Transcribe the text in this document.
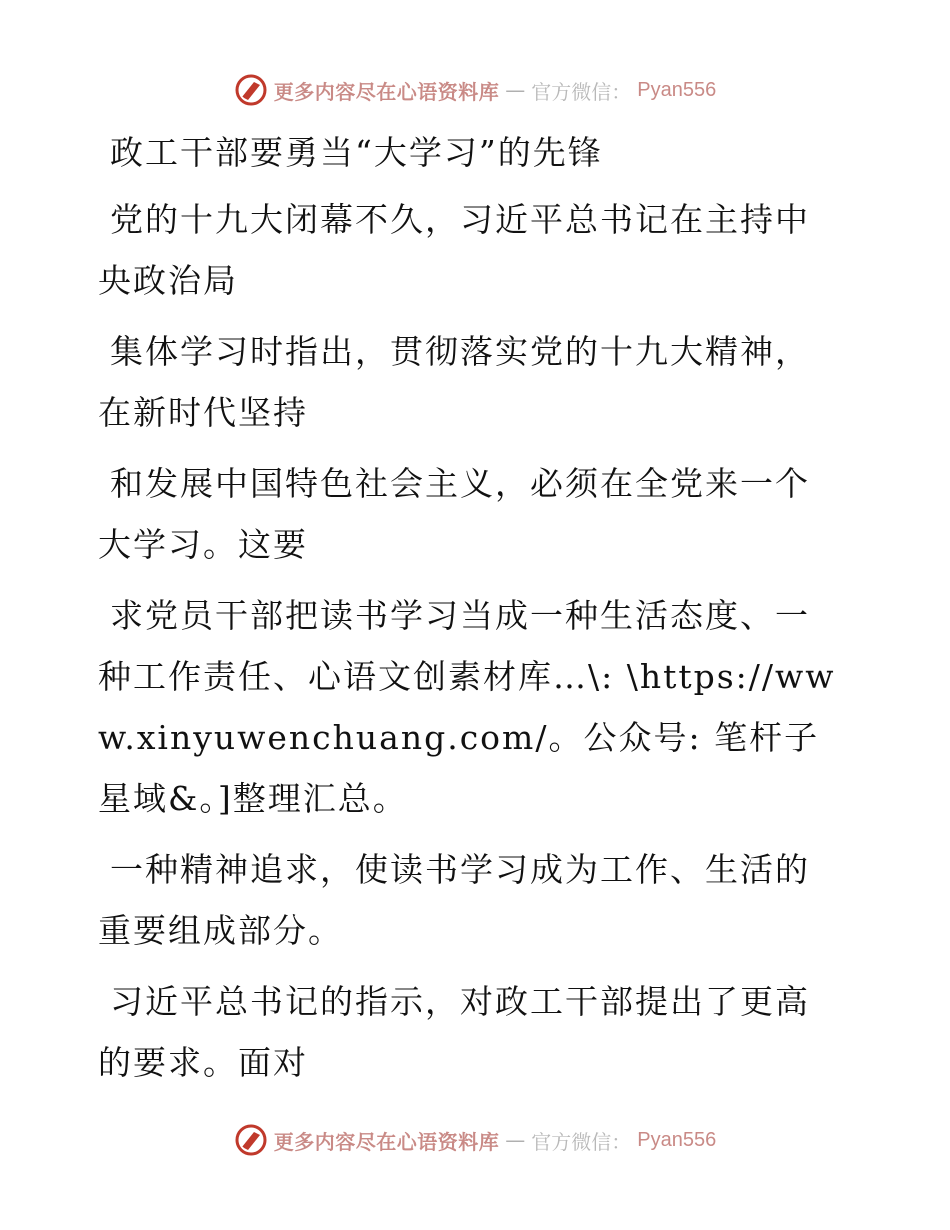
更多内容尽在心语资料库 — 官方微信： Pyan556

政工干部要勇当“大学习”的先锋

党的十九大闭幕不久，习近平总书记在主持中央政治局

集体学习时指出，贯彻落实党的十九大精神，在新时代坚持

和发展中国特色社会主义，必须在全党来一个大学习。这要

求党员干部把读书学习当成一种生活态度、一种工作责任、心语文创素材库…\: \https://www.xinyuwenchuang.com/。公众号: 笔杆子星域&。]整理汇总。

一种精神追求，使读书学习成为工作、生活的重要组成部分。

习近平总书记的指示，对政工干部提出了更高的要求。面对

更多内容尽在心语资料库 — 官方微信： Pyan556
